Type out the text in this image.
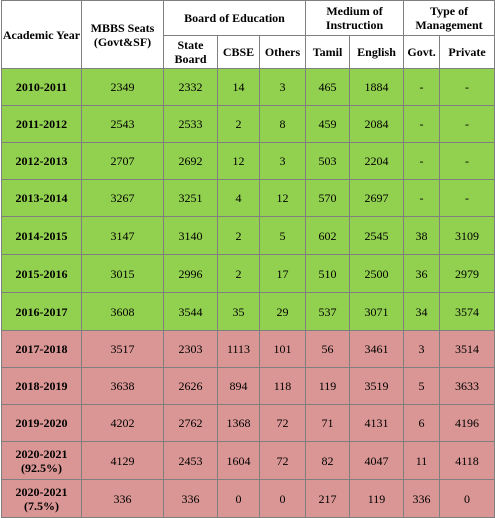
Academic Year	MBBS Seats (Govt&SF)	Board of Education			Medium of Instruction		Type of Management	
		State Board	CBSE	Others	Tamil	English	Govt.	Private
2010-2011	2349	2332	14	3	465	1884	-	-
2011-2012	2543	2533	2	8	459	2084	-	-
2012-2013	2707	2692	12	3	503	2204	-	-
2013-2014	3267	3251	4	12	570	2697	-	-
2014-2015	3147	3140	2	5	602	2545	38	3109
2015-2016	3015	2996	2	17	510	2500	36	2979
2016-2017	3608	3544	35	29	537	3071	34	3574
2017-2018	3517	2303	1113	101	56	3461	3	3514
2018-2019	3638	2626	894	118	119	3519	5	3633
2019-2020	4202	2762	1368	72	71	4131	6	4196
2020-2021
(92.5%)	4129	2453	1604	72	82	4047	11	4118
2020-2021
(7.5%)	336	336	0	0	217	119	336	0
